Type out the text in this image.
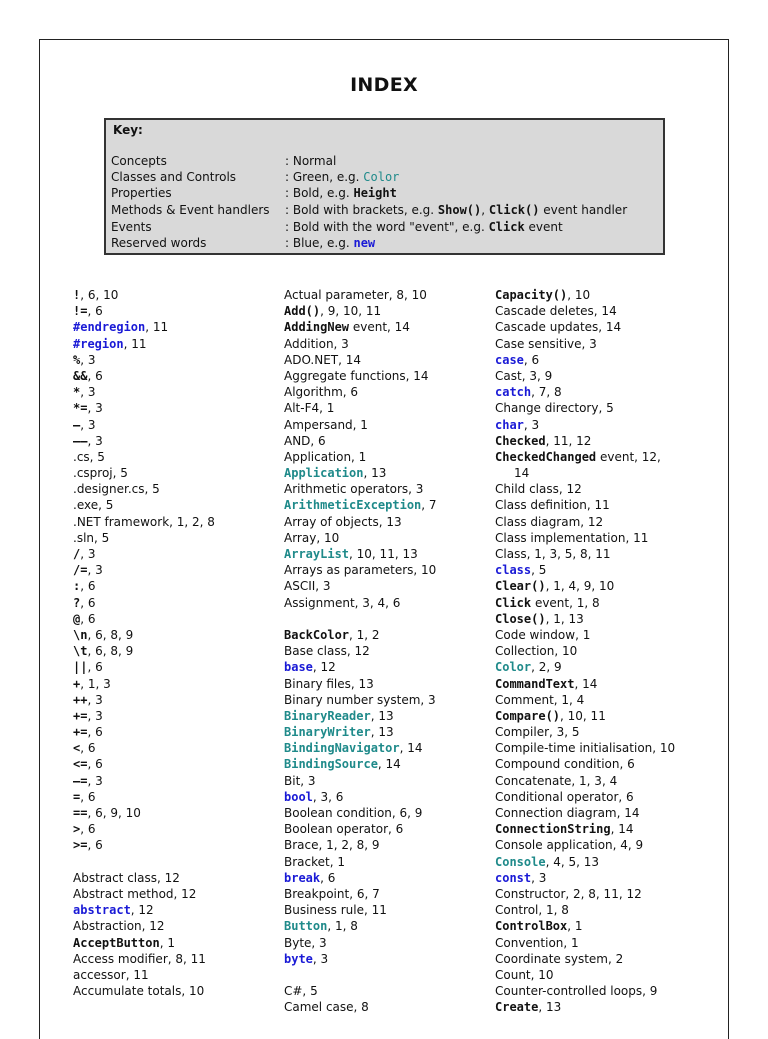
INDEX
Key:
Concepts	: Normal
Classes and Controls	: Green, e.g. Color
Properties	: Bold, e.g. Height
Methods & Event handlers : Bold with brackets, e.g. Show(), Click() event handler
Events	: Bold with the word "event", e.g. Click event
Reserved words	: Blue, e.g. new
!, 6, 10
!=, 6
#endregion, 11
#region, 11
%, 3
&&, 6
*, 3
*=, 3
–, 3
––, 3
.cs, 5
.csproj, 5
.designer.cs, 5
.exe, 5
.NET framework, 1, 2, 8
.sln, 5
/, 3
/=, 3
:, 6
?, 6
@, 6
\n, 6, 8, 9
\t, 6, 8, 9
||, 6
+, 1, 3
++, 3
+=, 3
+=, 6
<, 6
<=, 6
–=, 3
=, 6
==, 6, 9, 10
>, 6
>=, 6
Abstract class, 12
Abstract method, 12
abstract, 12
Abstraction, 12
AcceptButton, 1
Access modifier, 8, 11
accessor, 11
Accumulate totals, 10
Actual parameter, 8, 10
Add(), 9, 10, 11
AddingNew event, 14
Addition, 3
ADO.NET, 14
Aggregate functions, 14
Algorithm, 6
Alt-F4, 1
Ampersand, 1
AND, 6
Application, 1
Application, 13
Arithmetic operators, 3
ArithmeticException, 7
Array of objects, 13
Array, 10
ArrayList, 10, 11, 13
Arrays as parameters, 10
ASCII, 3
Assignment, 3, 4, 6
BackColor, 1, 2
Base class, 12
base, 12
Binary files, 13
Binary number system, 3
BinaryReader, 13
BinaryWriter, 13
BindingNavigator, 14
BindingSource, 14
Bit, 3
bool, 3, 6
Boolean condition, 6, 9
Boolean operator, 6
Brace, 1, 2, 8, 9
Bracket, 1
break, 6
Breakpoint, 6, 7
Business rule, 11
Button, 1, 8
Byte, 3
byte, 3
C#, 5
Camel case, 8
Capacity(), 10
Cascade deletes, 14
Cascade updates, 14
Case sensitive, 3
case, 6
Cast, 3, 9
catch, 7, 8
Change directory, 5
char, 3
Checked, 11, 12
CheckedChanged event, 12,
14
Child class, 12
Class definition, 11
Class diagram, 12
Class implementation, 11
Class, 1, 3, 5, 8, 11
class, 5
Clear(), 1, 4, 9, 10
Click event, 1, 8
Close(), 1, 13
Code window, 1
Collection, 10
Color, 2, 9
CommandText, 14
Comment, 1, 4
Compare(), 10, 11
Compiler, 3, 5
Compile-time initialisation, 10
Compound condition, 6
Concatenate, 1, 3, 4
Conditional operator, 6
Connection diagram, 14
ConnectionString, 14
Console application, 4, 9
Console, 4, 5, 13
const, 3
Constructor, 2, 8, 11, 12
Control, 1, 8
ControlBox, 1
Convention, 1
Coordinate system, 2
Count, 10
Counter-controlled loops, 9
Create, 13
